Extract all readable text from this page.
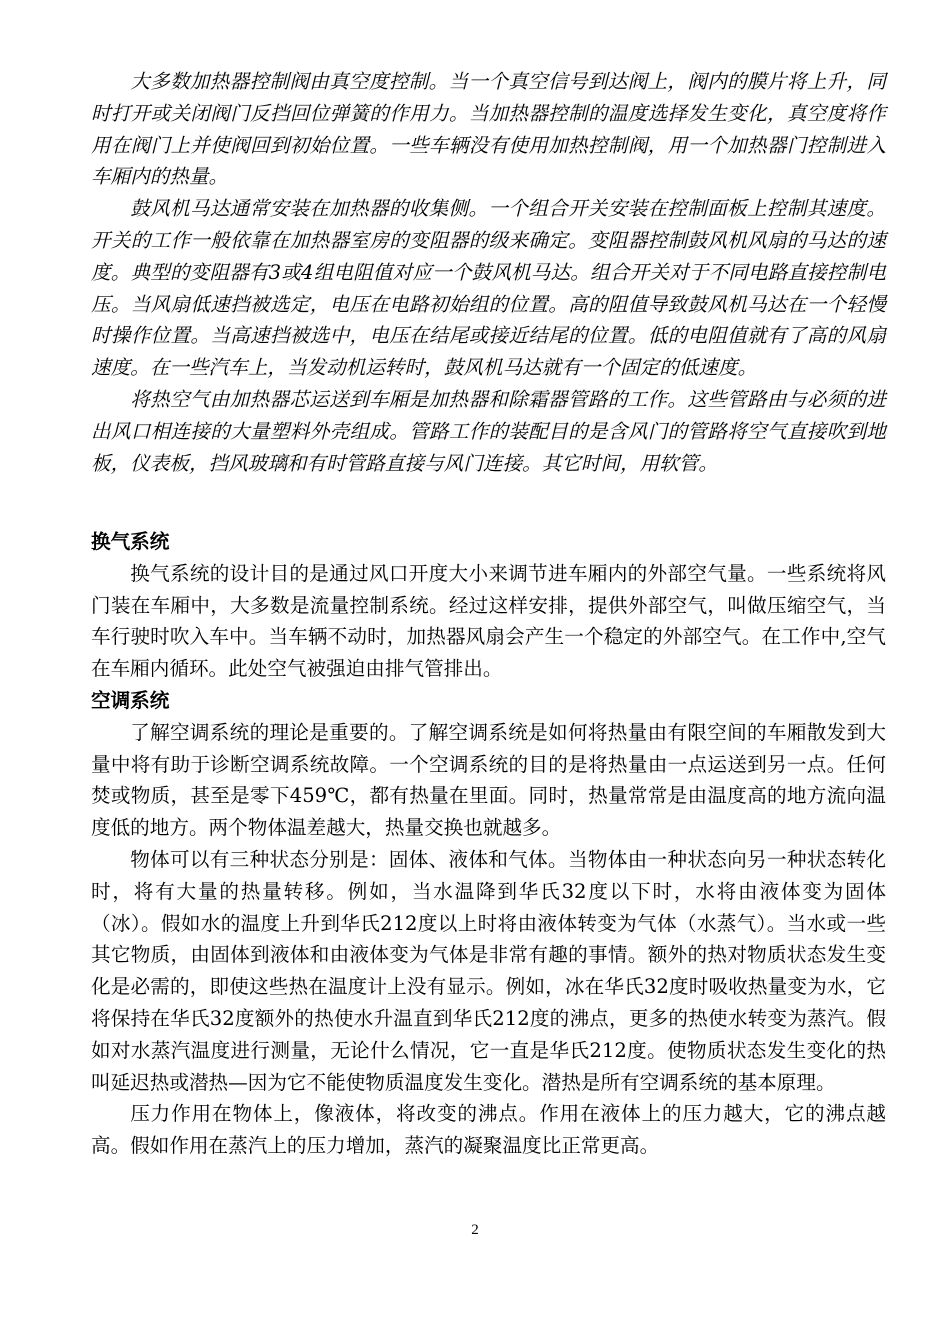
大多数加热器控制阀由真空度控制。当一个真空信号到达阀上，阀内的膜片将上升，同时打开或关闭阀门反挡回位弹簧的作用力。当加热器控制的温度选择发生变化，真空度将作用在阀门上并使阀回到初始位置。一些车辆没有使用加热控制阀，用一个加热器门控制进入车厢内的热量。

鼓风机马达通常安装在加热器的收集侧。一个组合开关安装在控制面板上控制其速度。开关的工作一般依靠在加热器室房的变阻器的级来确定。变阻器控制鼓风机风扇的马达的速度。典型的变阻器有3或4组电阻值对应一个鼓风机马达。组合开关对于不同电路直接控制电压。当风扇低速挡被选定，电压在电路初始组的位置。高的阻值导致鼓风机马达在一个轻慢时操作位置。当高速挡被选中，电压在结尾或接近结尾的位置。低的电阻值就有了高的风扇速度。在一些汽车上，当发动机运转时，鼓风机马达就有一个固定的低速度。

将热空气由加热器芯运送到车厢是加热器和除霜器管路的工作。这些管路由与必须的进出风口相连接的大量塑料外壳组成。管路工作的装配目的是含风门的管路将空气直接吹到地板，仪表板，挡风玻璃和有时管路直接与风门连接。其它时间，用软管。

换气系统

换气系统的设计目的是通过风口开度大小来调节进车厢内的外部空气量。一些系统将风门装在车厢中，大多数是流量控制系统。经过这样安排，提供外部空气，叫做压缩空气，当车行驶时吹入车中。当车辆不动时，加热器风扇会产生一个稳定的外部空气。在工作中,空气在车厢内循环。此处空气被强迫由排气管排出。

空调系统

了解空调系统的理论是重要的。了解空调系统是如何将热量由有限空间的车厢散发到大量中将有助于诊断空调系统故障。一个空调系统的目的是将热量由一点运送到另一点。任何焚或物质，甚至是零下459℃，都有热量在里面。同时，热量常常是由温度高的地方流向温度低的地方。两个物体温差越大，热量交换也就越多。

物体可以有三种状态分别是：固体、液体和气体。当物体由一种状态向另一种状态转化时，将有大量的热量转移。例如，当水温降到华氏32度以下时，水将由液体变为固体（冰）。假如水的温度上升到华氏212度以上时将由液体转变为气体（水蒸气）。当水或一些其它物质，由固体到液体和由液体变为气体是非常有趣的事情。额外的热对物质状态发生变化是必需的，即使这些热在温度计上没有显示。例如，冰在华氏32度时吸收热量变为水，它将保持在华氏32度额外的热使水升温直到华氏212度的沸点，更多的热使水转变为蒸汽。假如对水蒸汽温度进行测量，无论什么情况，它一直是华氏212度。使物质状态发生变化的热叫延迟热或潜热—因为它不能使物质温度发生变化。潜热是所有空调系统的基本原理。

压力作用在物体上，像液体，将改变的沸点。作用在液体上的压力越大，它的沸点越高。假如作用在蒸汽上的压力增加，蒸汽的凝聚温度比正常更高。

2
